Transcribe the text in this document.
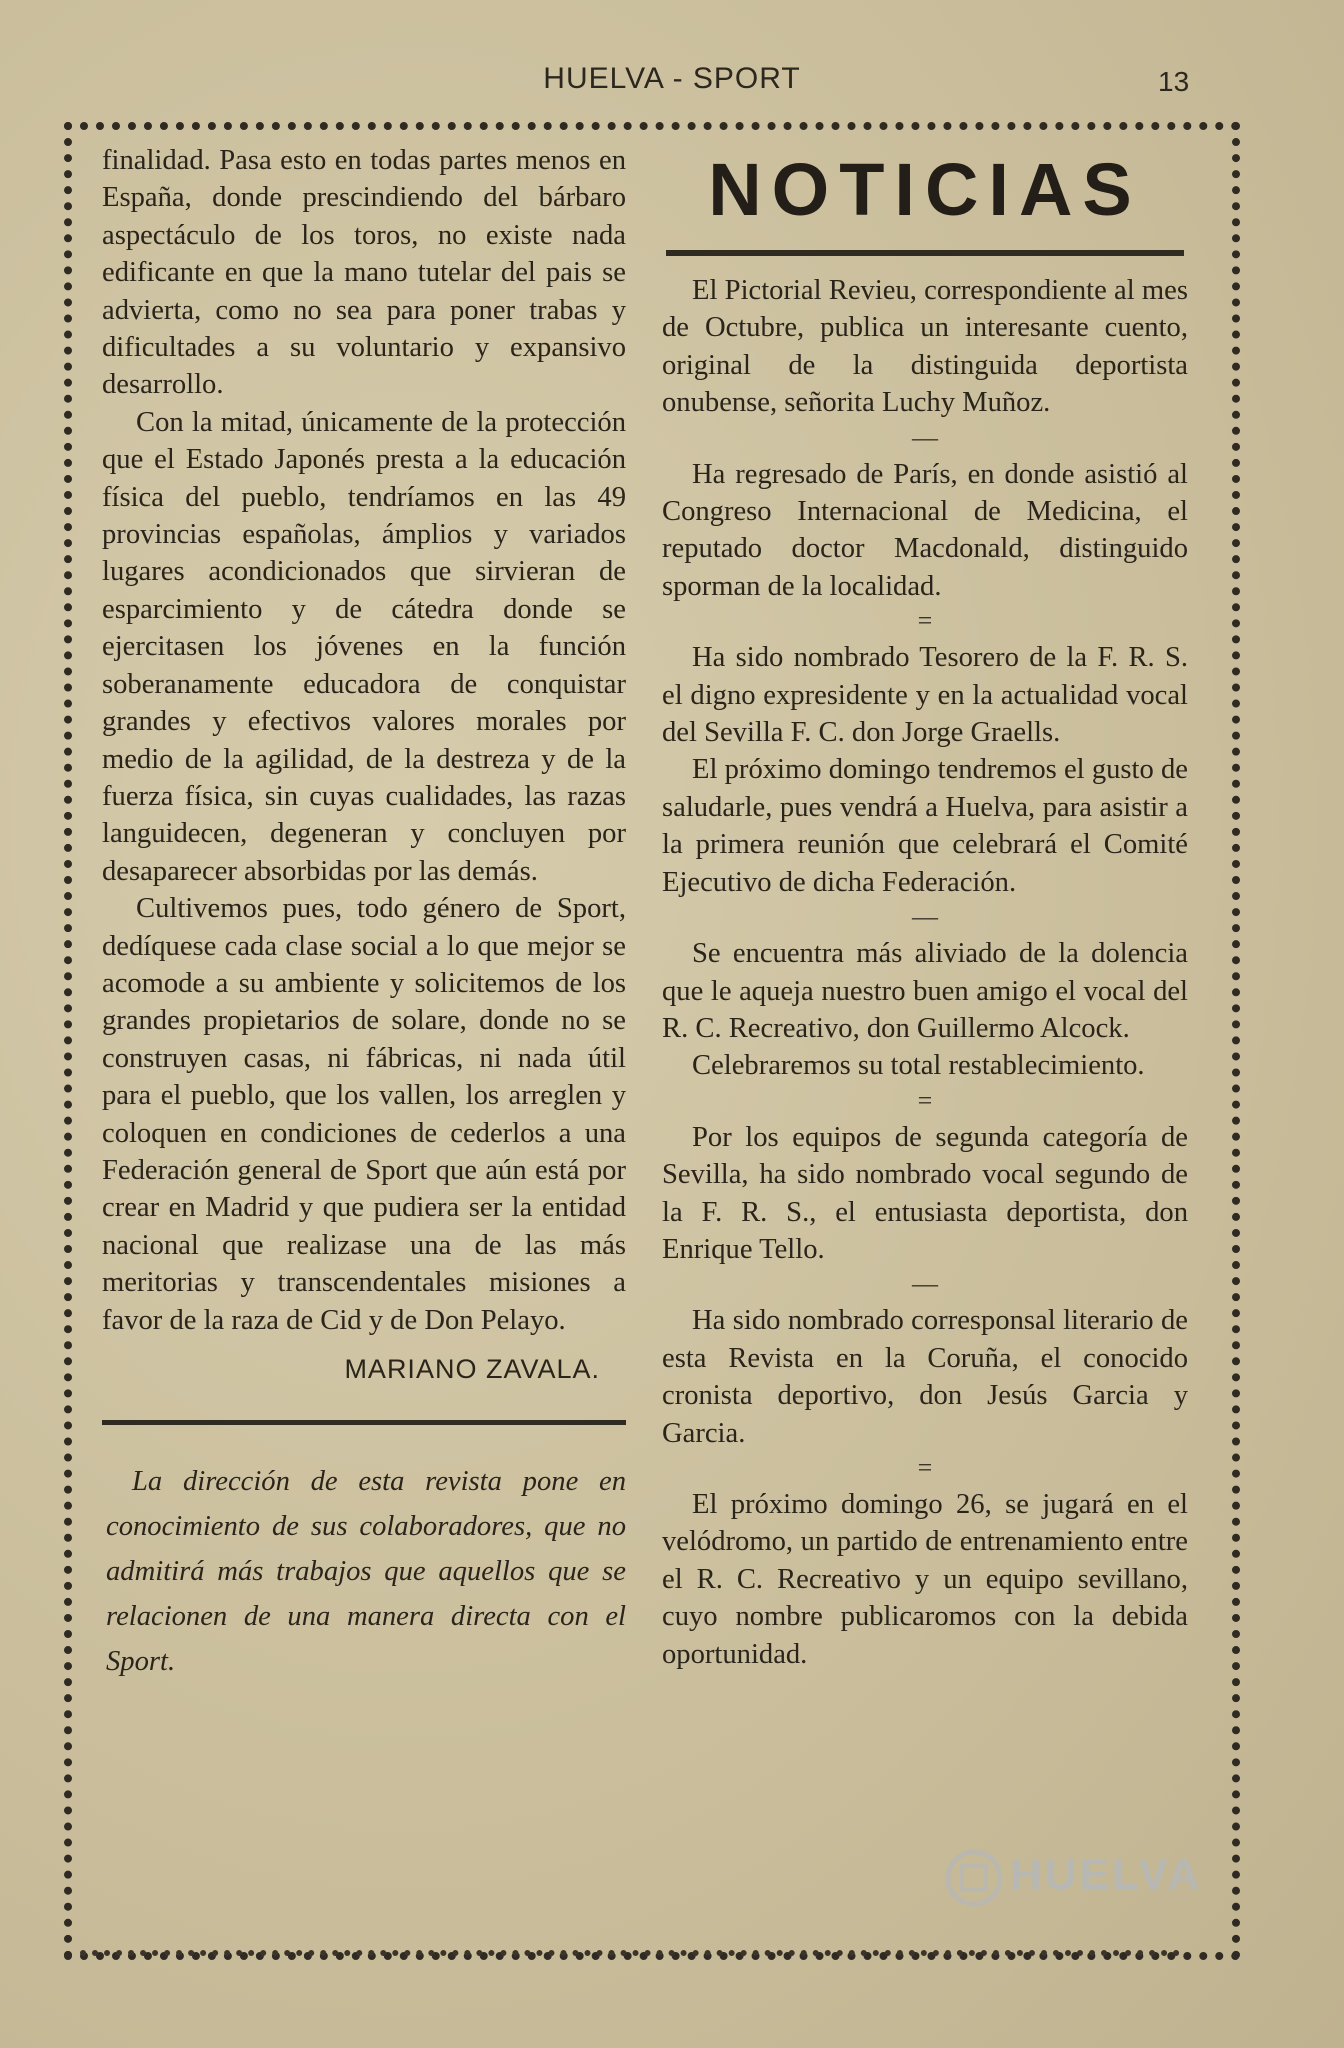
HUELVA - SPORT	13

finalidad. Pasa esto en todas partes menos en España, donde prescindiendo del bárbaro aspectáculo de los toros, no existe nada edificante en que la mano tutelar del pais se advierta, como no sea para poner trabas y dificultades a su voluntario y expansivo desarrollo.

Con la mitad, únicamente de la protección que el Estado Japonés presta a la educación física del pueblo, tendríamos en las 49 provincias españolas, ámplios y variados lugares acondicionados que sirvieran de esparcimiento y de cátedra donde se ejercitasen los jóvenes en la función soberanamente educadora de conquistar grandes y efectivos valores morales por medio de la agilidad, de la destreza y de la fuerza física, sin cuyas cualidades, las razas languidecen, degeneran y concluyen por desaparecer absorbidas por las demás.

Cultivemos pues, todo género de Sport, dedíquese cada clase social a lo que mejor se acomode a su ambiente y solicitemos de los grandes propietarios de solare, donde no se construyen casas, ni fábricas, ni nada útil para el pueblo, que los vallen, los arreglen y coloquen en condiciones de cederlos a una Federación general de Sport que aún está por crear en Madrid y que pudiera ser la entidad nacional que realizase una de las más meritorias y transcendentales misiones a favor de la raza de Cid y de Don Pelayo.

MARIANO ZAVALA.

La dirección de esta revista pone en conocimiento de sus colaboradores, que no admitirá más trabajos que aquellos que se relacionen de una manera directa con el Sport.

NOTICIAS

El Pictorial Revieu, correspondiente al mes de Octubre, publica un interesante cuento, original de la distinguida deportista onubense, señorita Luchy Muñoz.

—

Ha regresado de París, en donde asistió al Congreso Internacional de Medicina, el reputado doctor Macdonald, distinguido sporman de la localidad.

=

Ha sido nombrado Tesorero de la F. R. S. el digno expresidente y en la actualidad vocal del Sevilla F. C. don Jorge Graells.

El próximo domingo tendremos el gusto de saludarle, pues vendrá a Huelva, para asistir a la primera reunión que celebrará el Comité Ejecutivo de dicha Federación.

—

Se encuentra más aliviado de la dolencia que le aqueja nuestro buen amigo el vocal del R. C. Recreativo, don Guillermo Alcock.

Celebraremos su total restablecimiento.

=

Por los equipos de segunda categoría de Sevilla, ha sido nombrado vocal segundo de la F. R. S., el entusiasta deportista, don Enrique Tello.

—

Ha sido nombrado corresponsal literario de esta Revista en la Coruña, el conocido cronista deportivo, don Jesús Garcia y Garcia.

=

El próximo domingo 26, se jugará en el velódromo, un partido de entrenamiento entre el R. C. Recreativo y un equipo sevillano, cuyo nombre publicaromos con la debida oportunidad.

HUELVA
